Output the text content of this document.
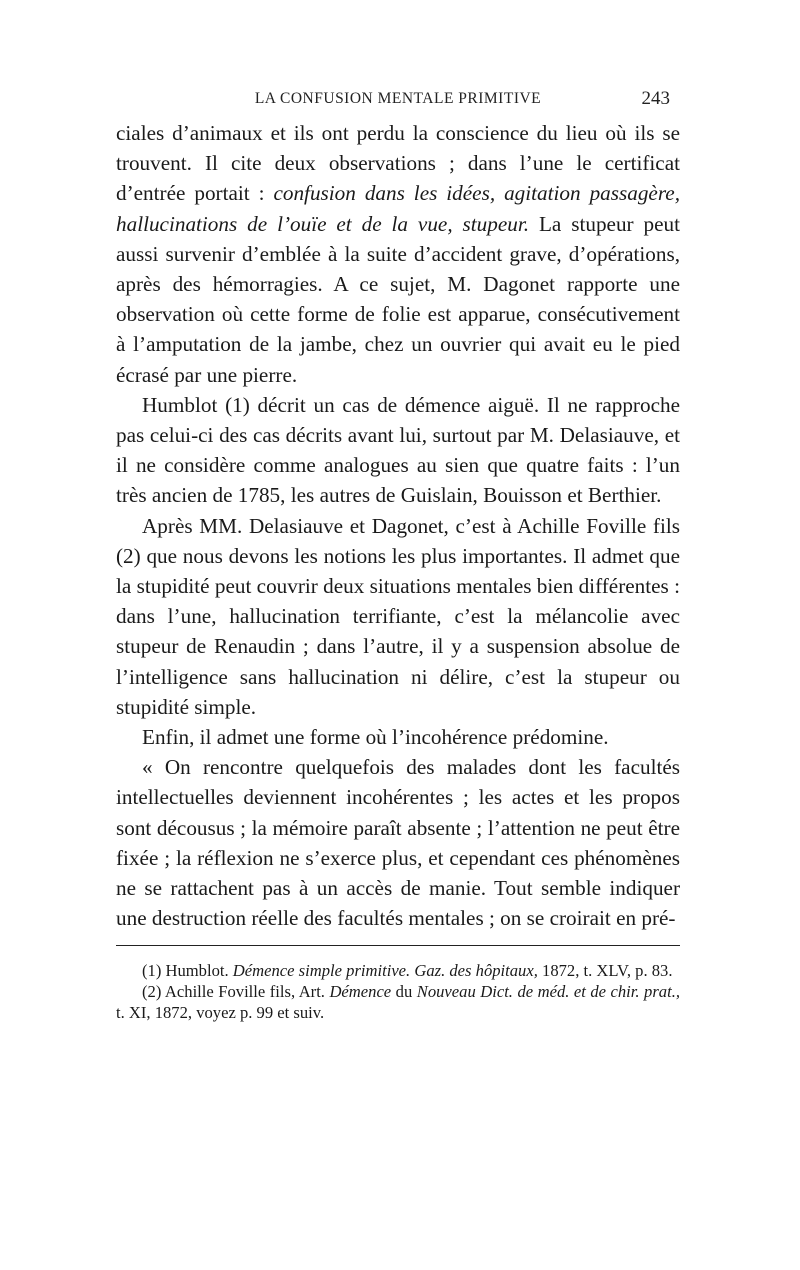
LA CONFUSION MENTALE PRIMITIVE	243

ciales d’animaux et ils ont perdu la conscience du lieu où ils se trouvent. Il cite deux observations ; dans l’une le certificat d’entrée portait : confusion dans les idées, agitation passagère, hallucinations de l’ouïe et de la vue, stupeur. La stupeur peut aussi survenir d’emblée à la suite d’accident grave, d’opérations, après des hémorragies. A ce sujet, M. Dagonet rapporte une observation où cette forme de folie est apparue, consécutivement à l’amputation de la jambe, chez un ouvrier qui avait eu le pied écrasé par une pierre.

Humblot (1) décrit un cas de démence aiguë. Il ne rapproche pas celui-ci des cas décrits avant lui, surtout par M. Delasiauve, et il ne considère comme analogues au sien que quatre faits : l’un très ancien de 1785, les autres de Guislain, Bouisson et Berthier.

Après MM. Delasiauve et Dagonet, c’est à Achille Foville fils (2) que nous devons les notions les plus importantes. Il admet que la stupidité peut couvrir deux situations mentales bien différentes : dans l’une, hallucination terrifiante, c’est la mélancolie avec stupeur de Renaudin ; dans l’autre, il y a suspension absolue de l’intelligence sans hallucination ni délire, c’est la stupeur ou stupidité simple.

Enfin, il admet une forme où l’incohérence prédomine.

« On rencontre quelquefois des malades dont les facultés intellectuelles deviennent incohérentes ; les actes et les propos sont décousus ; la mémoire paraît absente ; l’attention ne peut être fixée ; la réflexion ne s’exerce plus, et cependant ces phénomènes ne se rattachent pas à un accès de manie. Tout semble indiquer une destruction réelle des facultés mentales ; on se croirait en pré-

(1) Humblot. Démence simple primitive. Gaz. des hôpitaux, 1872, t. XLV, p. 83.

(2) Achille Foville fils, Art. Démence du Nouveau Dict. de méd. et de chir. prat., t. XI, 1872, voyez p. 99 et suiv.
